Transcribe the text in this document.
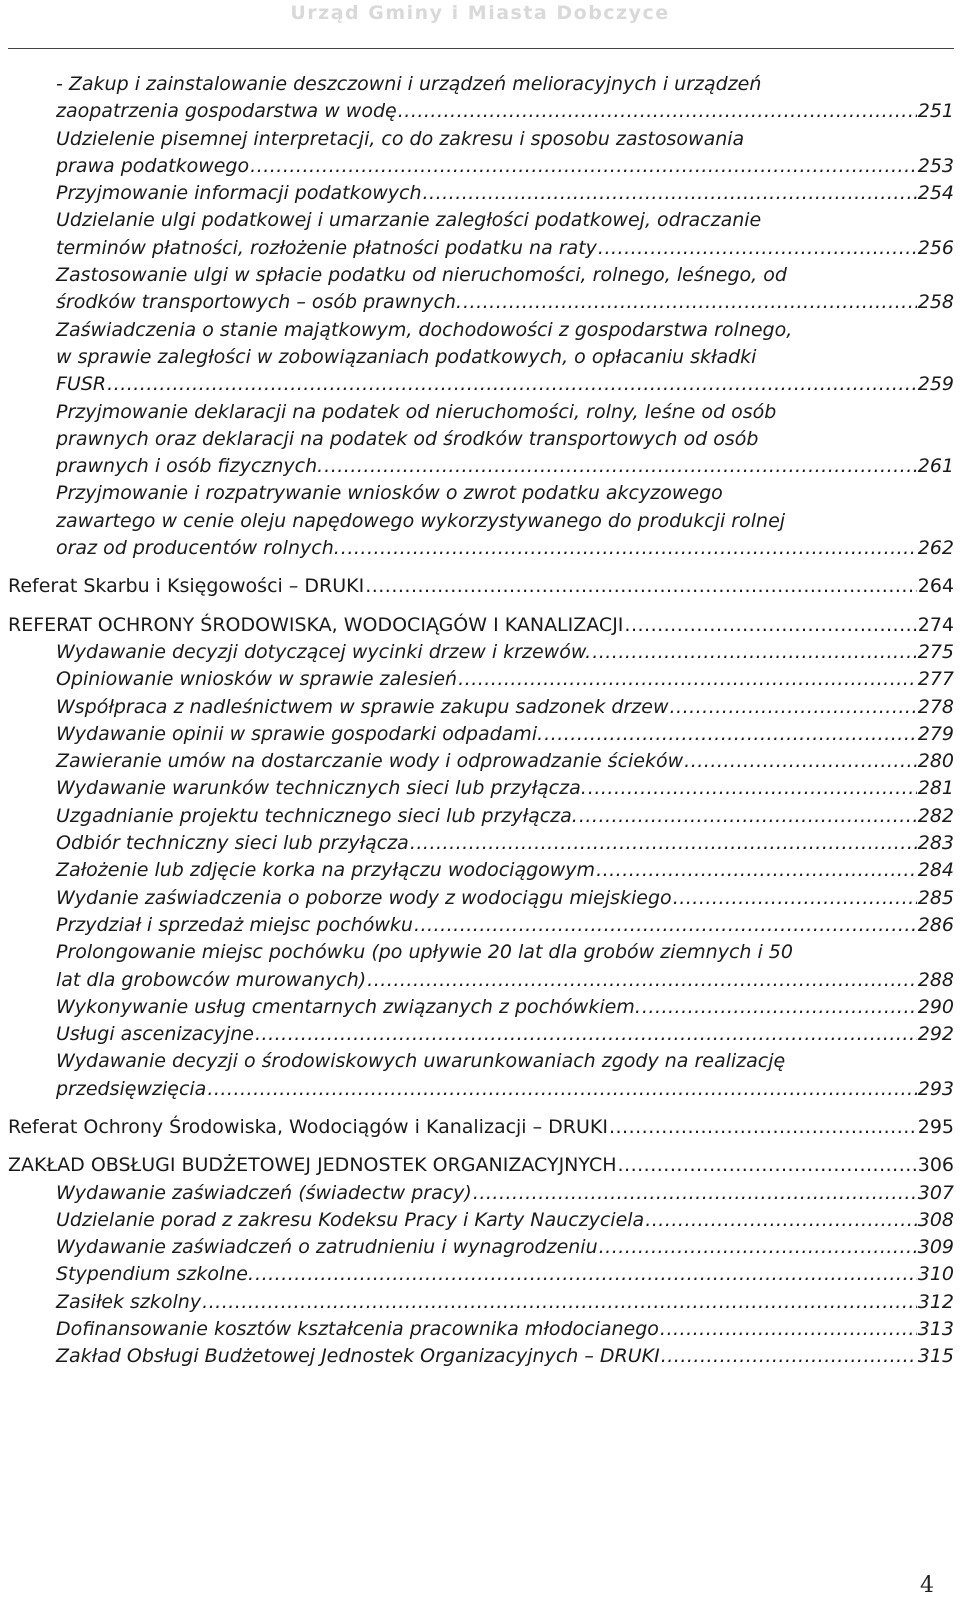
Urząd Gminy i Miasta Dobczyce
- Zakup i zainstalowanie deszczowni i urządzeń melioracyjnych i urządzeń
zaopatrzenia gospodarstwa w wodę .....	251
Udzielenie pisemnej interpretacji, co do zakresu i sposobu zastosowania
prawa podatkowego .....	253
Przyjmowanie informacji podatkowych .....	254
Udzielanie ulgi podatkowej i umarzanie zaległości podatkowej, odraczanie
terminów płatności, rozłożenie płatności podatku na raty .....	256
Zastosowanie ulgi w spłacie podatku od nieruchomości, rolnego, leśnego, od
środków transportowych – osób prawnych. .....	258
Zaświadczenia o stanie majątkowym, dochodowości z gospodarstwa rolnego,
w sprawie zaległości w zobowiązaniach podatkowych, o opłacaniu składki
FUSR .....	259
Przyjmowanie deklaracji na podatek od nieruchomości, rolny, leśne od osób
prawnych oraz deklaracji na podatek od środków transportowych od osób
prawnych i osób fizycznych. .....	261
Przyjmowanie i rozpatrywanie wniosków o zwrot podatku akcyzowego
zawartego w cenie oleju napędowego wykorzystywanego do produkcji rolnej
oraz od producentów rolnych. .....	262
Referat Skarbu i Księgowości – DRUKI .....	264
REFERAT OCHRONY ŚRODOWISKA, WODOCIĄGÓW I KANALIZACJI .....	274
Wydawanie decyzji dotyczącej wycinki drzew i krzewów. .....	275
Opiniowanie wniosków w sprawie zalesień .....	277
Współpraca z nadleśnictwem w sprawie zakupu sadzonek drzew .....	278
Wydawanie opinii w sprawie gospodarki odpadami. .....	279
Zawieranie umów na dostarczanie wody i odprowadzanie ścieków .....	280
Wydawanie warunków technicznych sieci lub przyłącza. .....	281
Uzgadnianie projektu technicznego sieci lub przyłącza. .....	282
Odbiór techniczny sieci lub przyłącza .....	283
Założenie lub zdjęcie korka na przyłączu wodociągowym .....	284
Wydanie zaświadczenia o poborze wody z wodociągu miejskiego .....	285
Przydział i sprzedaż miejsc pochówku .....	286
Prolongowanie miejsc pochówku (po upływie 20 lat dla grobów ziemnych i 50
lat dla grobowców murowanych) .....	288
Wykonywanie usług cmentarnych związanych z pochówkiem. .....	290
Usługi ascenizacyjne .....	292
Wydawanie decyzji o środowiskowych uwarunkowaniach zgody na realizację
przedsięwzięcia .....	293
Referat Ochrony Środowiska, Wodociągów i Kanalizacji – DRUKI .....	295
ZAKŁAD OBSŁUGI BUDŻETOWEJ JEDNOSTEK ORGANIZACYJNYCH .....	306
Wydawanie zaświadczeń (świadectw pracy) .....	307
Udzielanie porad z zakresu Kodeksu Pracy i Karty Nauczyciela .....	308
Wydawanie zaświadczeń o zatrudnieniu i wynagrodzeniu .....	309
Stypendium szkolne. .....	310
Zasiłek szkolny .....	312
Dofinansowanie kosztów kształcenia pracownika młodocianego .....	313
Zakład Obsługi Budżetowej Jednostek Organizacyjnych – DRUKI .....	315
4
